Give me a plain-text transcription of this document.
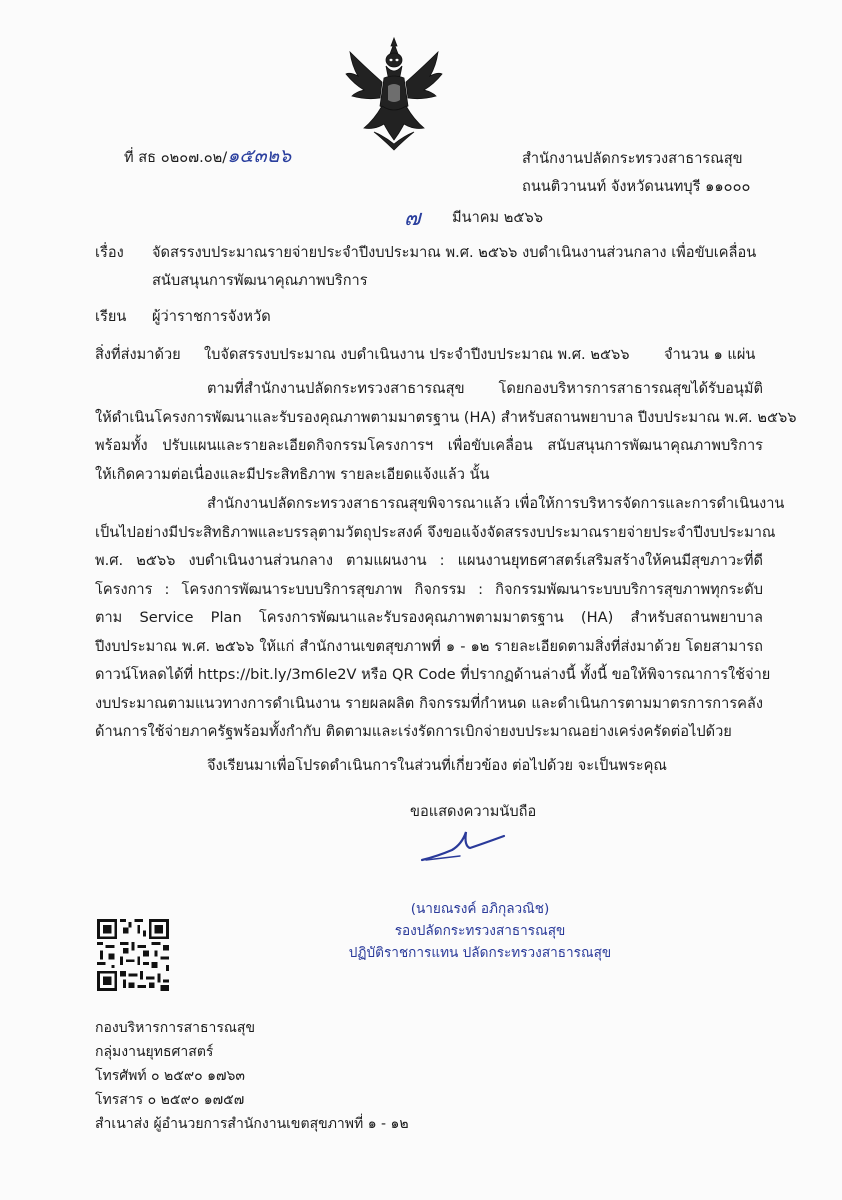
ที่ สธ ๐๒๐๗.๐๒/๑๕๓๒๖	สำนักงานปลัดกระทรวงสาธารณสุข
ถนนติวานนท์ จังหวัดนนทบุรี ๑๑๐๐๐
๗ มีนาคม ๒๕๖๖
เรื่อง จัดสรรงบประมาณรายจ่ายประจำปีงบประมาณ พ.ศ. ๒๕๖๖ งบดำเนินงานส่วนกลาง เพื่อขับเคลื่อน
สนับสนุนการพัฒนาคุณภาพบริการ
เรียน ผู้ว่าราชการจังหวัด
สิ่งที่ส่งมาด้วย ใบจัดสรรงบประมาณ งบดำเนินงาน ประจำปีงบประมาณ พ.ศ. ๒๕๖๖ จำนวน ๑ แผ่น
ตามที่สำนักงานปลัดกระทรวงสาธารณสุข โดยกองบริหารการสาธารณสุขได้รับอนุมัติ
ให้ดำเนินโครงการพัฒนาและรับรองคุณภาพตามมาตรฐาน (HA) สำหรับสถานพยาบาล ปีงบประมาณ พ.ศ. ๒๕๖๖
พร้อมทั้ง ปรับแผนและรายละเอียดกิจกรรมโครงการฯ เพื่อขับเคลื่อน สนับสนุนการพัฒนาคุณภาพบริการ
ให้เกิดความต่อเนื่องและมีประสิทธิภาพ รายละเอียดแจ้งแล้ว นั้น
สำนักงานปลัดกระทรวงสาธารณสุขพิจารณาแล้ว เพื่อให้การบริหารจัดการและการดำเนินงาน
เป็นไปอย่างมีประสิทธิภาพและบรรลุตามวัตถุประสงค์ จึงขอแจ้งจัดสรรงบประมาณรายจ่ายประจำปีงบประมาณ
พ.ศ. ๒๕๖๖ งบดำเนินงานส่วนกลาง ตามแผนงาน : แผนงานยุทธศาสตร์เสริมสร้างให้คนมีสุขภาวะที่ดี
โครงการ : โครงการพัฒนาระบบบริการสุขภาพ กิจกรรม : กิจกรรมพัฒนาระบบบริการสุขภาพทุกระดับ
ตาม Service Plan โครงการพัฒนาและรับรองคุณภาพตามมาตรฐาน (HA) สำหรับสถานพยาบาล
ปีงบประมาณ พ.ศ. ๒๕๖๖ ให้แก่ สำนักงานเขตสุขภาพที่ ๑ - ๑๒ รายละเอียดตามสิ่งที่ส่งมาด้วย โดยสามารถ
ดาวน์โหลดได้ที่ https://bit.ly/3m6le2V หรือ QR Code ที่ปรากฏด้านล่างนี้ ทั้งนี้ ขอให้พิจารณาการใช้จ่าย
งบประมาณตามแนวทางการดำเนินงาน รายผลผลิต กิจกรรมที่กำหนด และดำเนินการตามมาตรการการคลัง
ด้านการใช้จ่ายภาครัฐพร้อมทั้งกำกับ ติดตามและเร่งรัดการเบิกจ่ายงบประมาณอย่างเคร่งครัดต่อไปด้วย
จึงเรียนมาเพื่อโปรดดำเนินการในส่วนที่เกี่ยวข้อง ต่อไปด้วย จะเป็นพระคุณ
ขอแสดงความนับถือ
(นายณรงค์ อภิกุลวณิช)
รองปลัดกระทรวงสาธารณสุข
ปฏิบัติราชการแทน ปลัดกระทรวงสาธารณสุข
กองบริหารการสาธารณสุข
กลุ่มงานยุทธศาสตร์
โทรศัพท์ ๐ ๒๕๙๐ ๑๗๖๓
โทรสาร ๐ ๒๕๙๐ ๑๗๕๗
สำเนาส่ง ผู้อำนวยการสำนักงานเขตสุขภาพที่ ๑ - ๑๒
